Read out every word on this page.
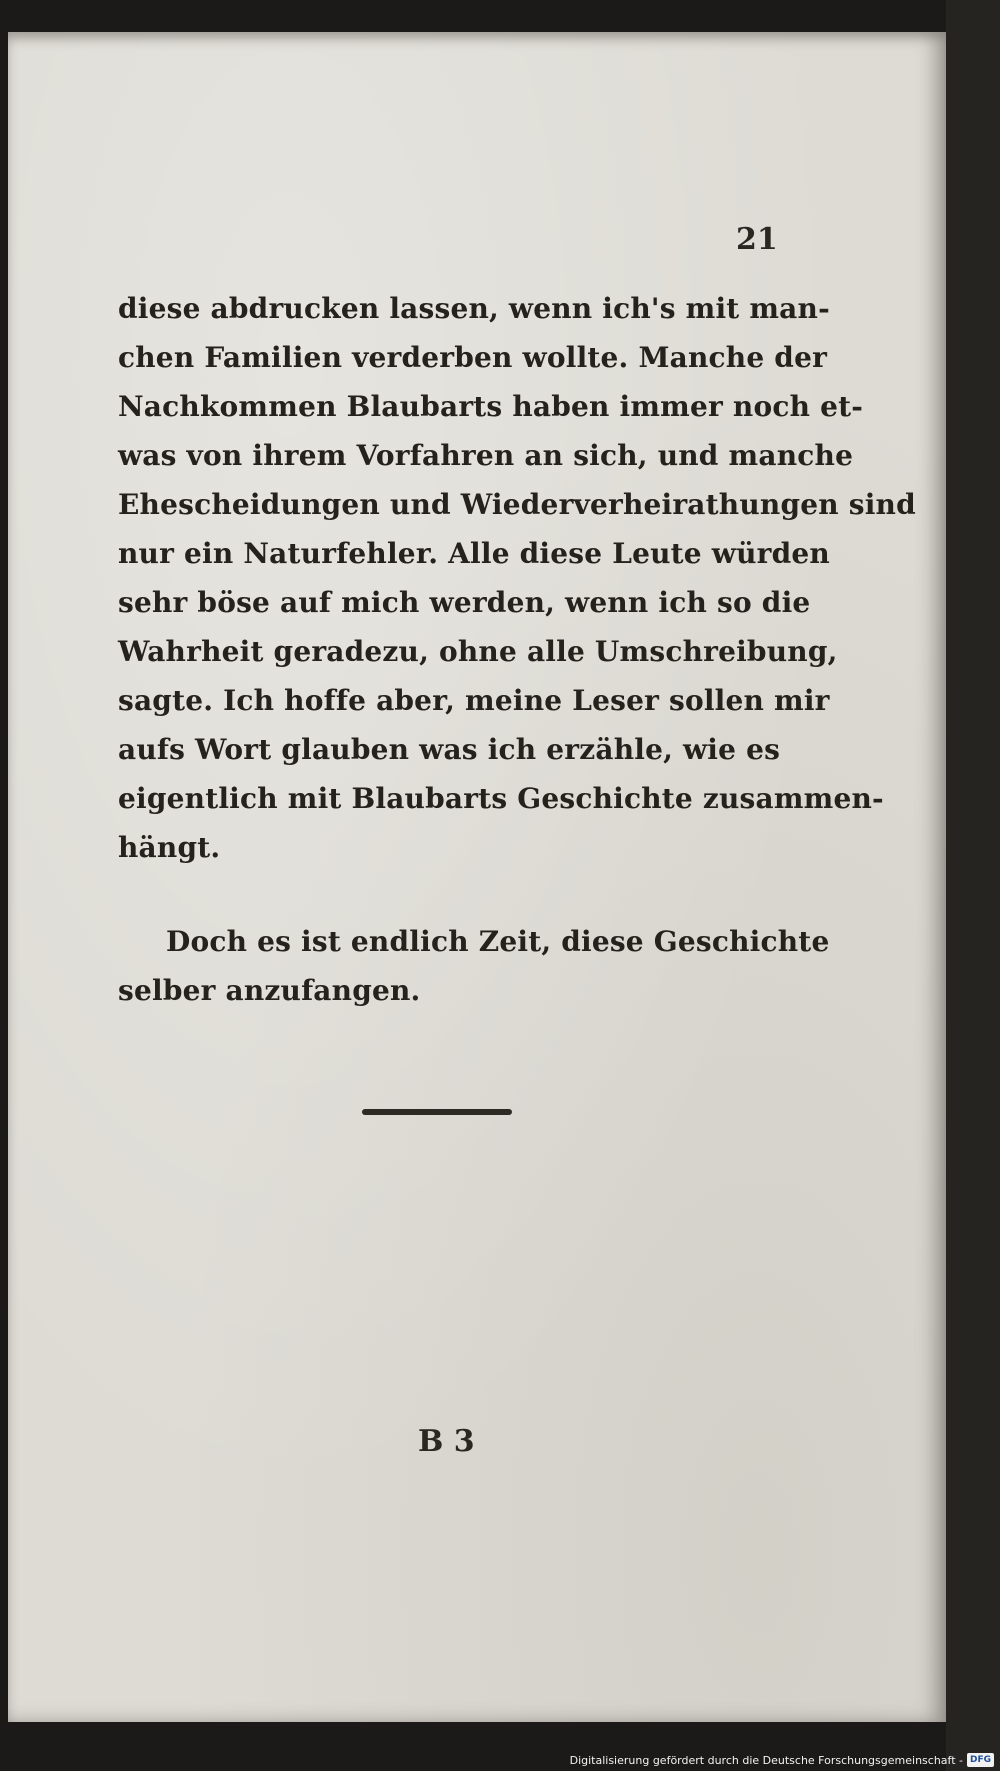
21
diese abdrucken lassen, wenn ich's mit man-
chen Familien verderben wollte. Manche der
Nachkommen Blaubarts haben immer noch et-
was von ihrem Vorfahren an sich, und manche
Ehescheidungen und Wiederverheirathungen sind
nur ein Naturfehler. Alle diese Leute würden
sehr böse auf mich werden, wenn ich so die
Wahrheit geradezu, ohne alle Umschreibung,
sagte. Ich hoffe aber, meine Leser sollen mir
aufs Wort glauben was ich erzähle, wie es
eigentlich mit Blaubarts Geschichte zusammen-
hängt.
Doch es ist endlich Zeit, diese Geschichte
selber anzufangen.
B 3
Digitalisierung gefördert durch die Deutsche Forschungsgemeinschaft - DFG
